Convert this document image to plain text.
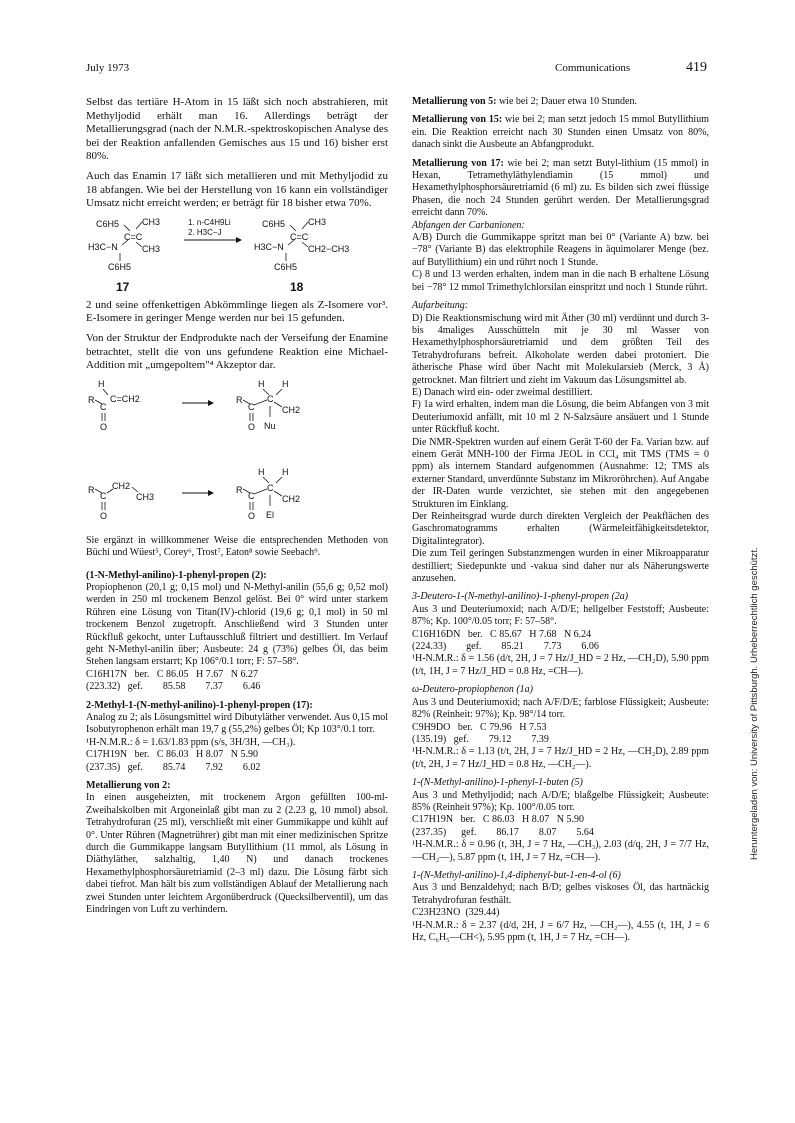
July 1973	Communications	419

Selbst das tertiäre H-Atom in 15 läßt sich noch abstrahieren, mit Methyljodid erhält man 16. Allerdings beträgt der Metallierungsgrad (nach der N.M.R.-spektroskopischen Analyse des bei der Reaktion anfallenden Gemisches aus 15 und 16) bisher erst 80%.

Auch das Enamin 17 läßt sich metallieren und mit Methyljodid zu 18 abfangen. Wie bei der Herstellung von 16 kann ein vollständiger Umsatz nicht erreicht werden; er beträgt für 18 bisher etwa 70%.

C6H5	CH3
C=C
H3C−N	CH3
C6H5
17
1. n-C4H9Li
2. H3C−J
C6H5	CH3
C=C
H3C−N	CH2−CH3
C6H5
18

2 und seine offenkettigen Abkömmlinge liegen als Z-Isomere vor³. E-Isomere in geringer Menge werden nur bei 15 gefunden.

Von der Struktur der Endprodukte nach der Verseifung der Enamine betrachtet, stellt die von uns gefundene Reaktion eine Michael-Addition mit „umgepoltem"⁴ Akzeptor dar.

H
R
C
C=CH2
O
H H
R
C
C
CH2
O Nu
R
C
CH2
CH3
O
H H
R
C
C
CH2
O El

Sie ergänzt in willkommener Weise die entsprechenden Methoden von Büchi und Wüest⁵, Corey⁶, Trost⁷, Eaton⁸ sowie Seebach⁹.

(1-N-Methyl-anilino)-1-phenyl-propen (2):

Propiophenon (20,1 g; 0,15 mol) und N-Methyl-anilin (55,6 g; 0,52 mol) werden in 250 ml trockenem Benzol gelöst. Bei 0° wird unter starkem Rühren eine Lösung von Titan(IV)-chlorid (19,6 g; 0,1 mol) in 50 ml trockenem Benzol zugetropft. Anschließend wird 3 Stunden unter Rückfluß gekocht, unter Luftausschluß filtriert und destilliert. Im Verlauf geht N-Methyl-anilin über; Ausbeute: 24 g (73%) gelbes Öl, das beim Stehen langsam erstarrt; Kp 106°/0.1 torr; F: 57–58°.

C16H17N   ber.   C 86.05   H 7.67   N 6.27

(223.32)   gef.        85.58        7.37        6.46

2-Methyl-1-(N-methyl-anilino)-1-phenyl-propen (17):

Analog zu 2; als Lösungsmittel wird Dibutyläther verwendet. Aus 0,15 mol Isobutyrophenon erhält man 19,7 g (55,2%) gelbes Öl; Kp 103°/0.1 torr.

¹H-N.M.R.: δ = 1.63/1.83 ppm (s/s, 3H/3H, —CH₃).

C17H19N   ber.   C 86.03   H 8.07   N 5.90

(237.35)   gef.        85.74        7.92        6.02

Metallierung von 2:

In einen ausgeheizten, mit trockenem Argon gefüllten 100-ml-Zweihalskolben mit Argoneinlaß gibt man zu 2 (2.23 g, 10 mmol) absol. Tetrahydrofuran (25 ml), verschließt mit einer Gummikappe und kühlt auf 0°. Unter Rühren (Magnetrührer) gibt man mit einer medizinischen Spritze durch die Gummikappe langsam Butyllithium (11 mmol, als Lösung in Diäthyläther, salzhaltig, 1,40 N) und danach trockenes Hexamethylphosphorsäuretriamid (2–3 ml) dazu. Die Lösung färbt sich dabei tiefrot. Man hält bis zum vollständigen Ablauf der Metallierung nach zwei Stunden unter leichtem Argonüberdruck (Quecksilberventil), um das Eindringen von Luft zu verhindern.

Metallierung von 5: wie bei 2; Dauer etwa 10 Stunden.

Metallierung von 15: wie bei 2; man setzt jedoch 15 mmol Butyllithium ein. Die Reaktion erreicht nach 30 Stunden einen Umsatz von 80%, danach sinkt die Ausbeute an Abfangprodukt.

Metallierung von 17: wie bei 2; man setzt Butyl-lithium (15 mmol) in Hexan, Tetramethyläthylendiamin (15 mmol) und Hexamethylphosphorsäuretriamid (6 ml) zu. Es bilden sich zwei flüssige Phasen, die noch 24 Stunden gerührt werden. Der Metallierungsgrad erreicht dann 70%.

Abfangen der Carbanionen:

A/B) Durch die Gummikappe spritzt man bei 0° (Variante A) bzw. bei −78° (Variante B) das elektrophile Reagens in äquimolarer Menge (bez. auf Butyllithium) ein und rührt noch 1 Stunde.

C) 8 und 13 werden erhalten, indem man in die nach B erhaltene Lösung bei −78° 12 mmol Trimethylchlorsilan einspritzt und noch 1 Stunde rührt.

Aufarbeitung:

D) Die Reaktionsmischung wird mit Äther (30 ml) verdünnt und durch 3- bis 4maliges Ausschütteln mit je 30 ml Wasser von Hexamethylphosphorsäuretriamid und dem größten Teil des Tetrahydrofurans befreit. Alkoholate werden dabei protoniert. Die ätherische Phase wird über Nacht mit Molekularsieb (Merck, 3 Å) getrocknet. Man filtriert und zieht im Vakuum das Lösungsmittel ab.

E) Danach wird ein- oder zweimal destilliert.

F) 1a wird erhalten, indem man die Lösung, die beim Abfangen von 3 mit Deuteriumoxid anfällt, mit 10 ml 2 N-Salzsäure ansäuert und 1 Stunde unter Rückfluß kocht.

Die NMR-Spektren wurden auf einem Gerät T-60 der Fa. Varian bzw. auf einem Gerät MNH-100 der Firma JEOL in CCl₄ mit TMS (TMS = 0 ppm) als internem Standard aufgenommen (Ausnahme: 12; TMS als externer Standard, unverdünnte Substanz im Mikroröhrchen). Auf Angabe der IR-Daten wurde verzichtet, sie stehen mit den angegebenen Strukturen im Einklang.

Der Reinheitsgrad wurde durch direkten Vergleich der Peakflächen des Gaschromatogramms erhalten (Wärmeleitfähigkeitsdetektor, Digitalintegrator).

Die zum Teil geringen Substanzmengen wurden in einer Mikroapparatur destilliert; Siedepunkte und -vakua sind daher nur als Näherungswerte anzusehen.

3-Deutero-1-(N-methyl-anilino)-1-phenyl-propen (2a)

Aus 3 und Deuteriumoxid; nach A/D/E; hellgelber Feststoff; Ausbeute: 87%; Kp. 100°/0.05 torr; F: 57–58°.

C16H16DN   ber.   C 85.67   H 7.68   N 6.24

(224.33)        gef.        85.21        7.73        6.06

¹H-N.M.R.: δ = 1.56 (d/t, 2H, J = 7 Hz/J_HD = 2 Hz, —CH₂D), 5.90 ppm (t/t, 1H, J = 7 Hz/J_HD = 0.8 Hz, =CH—).

ω-Deutero-propiophenon (1a)

Aus 3 und Deuteriumoxid; nach A/F/D/E; farblose Flüssigkeit; Ausbeute: 82% (Reinheit: 97%); Kp. 98°/14 torr.

C9H9DO   ber.   C 79.96   H 7.53

(135.19)   gef.        79.12        7.39

¹H-N.M.R.: δ = 1.13 (t/t, 2H, J = 7 Hz/J_HD = 2 Hz, —CH₂D), 2.89 ppm (t/t, 2H, J = 7 Hz/J_HD = 0.8 Hz, —CH₂—).

1-(N-Methyl-anilino)-1-phenyl-1-buten (5)

Aus 3 und Methyljodid; nach A/D/E; blaßgelbe Flüssigkeit; Ausbeute: 85% (Reinheit 97%); Kp. 100°/0.05 torr.

C17H19N   ber.   C 86.03   H 8.07   N 5.90

(237.35)      gef.        86.17        8.07        5.64

¹H-N.M.R.: δ = 0.96 (t, 3H, J = 7 Hz, —CH₃), 2.03 (d/q, 2H, J = 7/7 Hz, —CH₂—), 5.87 ppm (t, 1H, J = 7 Hz, =CH—).

1-(N-Methyl-anilino)-1,4-diphenyl-but-1-en-4-ol (6)

Aus 3 und Benzaldehyd; nach B/D; gelbes viskoses Öl, das hartnäckig Tetrahydrofuran festhält.

C23H23NO  (329.44)

¹H-N.M.R.: δ = 2.37 (d/d, 2H, J = 6/7 Hz, —CH₂—), 4.55 (t, 1H, J = 6 Hz, C₆H₅—CH<), 5.95 ppm (t, 1H, J = 7 Hz, =CH—).

Heruntergeladen von: University of Pittsburgh. Urheberrechtlich geschützt.
